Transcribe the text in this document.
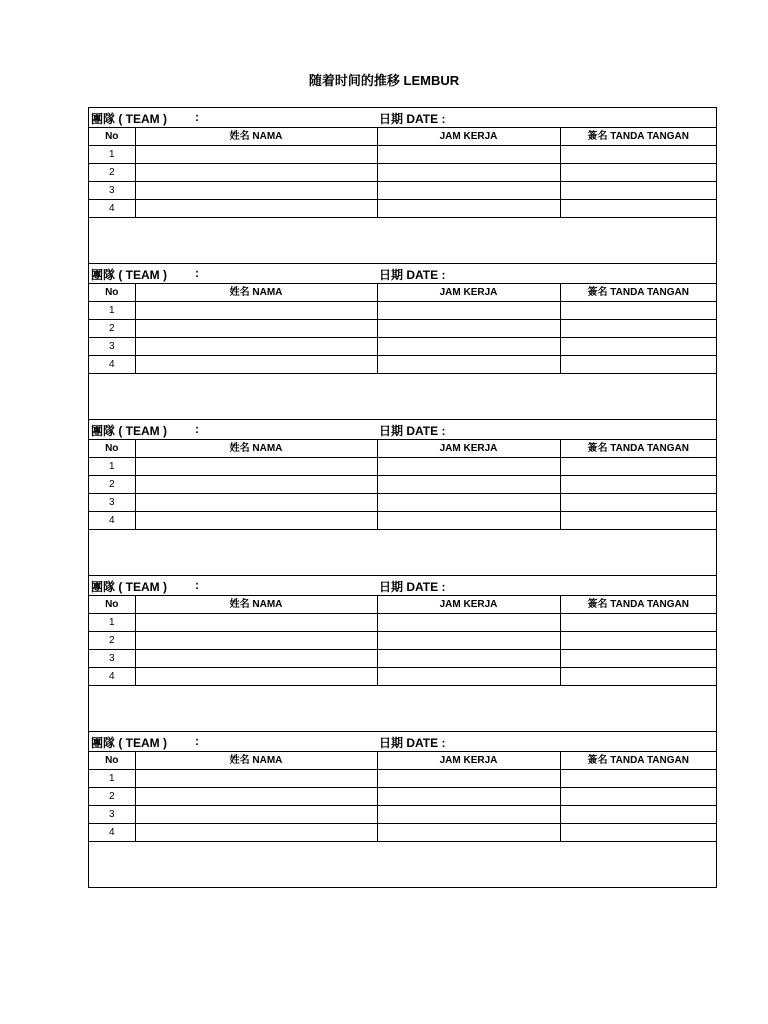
随着时间的推移 LEMBUR
團隊 ( TEAM ) :	日期 DATE :
No	姓名 NAMA	JAM KERJA	簽名 TANDA TANGAN
1			
2			
3			
4			
團隊 ( TEAM ) :	日期 DATE :
No	姓名 NAMA	JAM KERJA	簽名 TANDA TANGAN
1			
2			
3			
4			
團隊 ( TEAM ) :	日期 DATE :
No	姓名 NAMA	JAM KERJA	簽名 TANDA TANGAN
1			
2			
3			
4			
團隊 ( TEAM ) :	日期 DATE :
No	姓名 NAMA	JAM KERJA	簽名 TANDA TANGAN
1			
2			
3			
4			
團隊 ( TEAM ) :	日期 DATE :
No	姓名 NAMA	JAM KERJA	簽名 TANDA TANGAN
1			
2			
3			
4			
